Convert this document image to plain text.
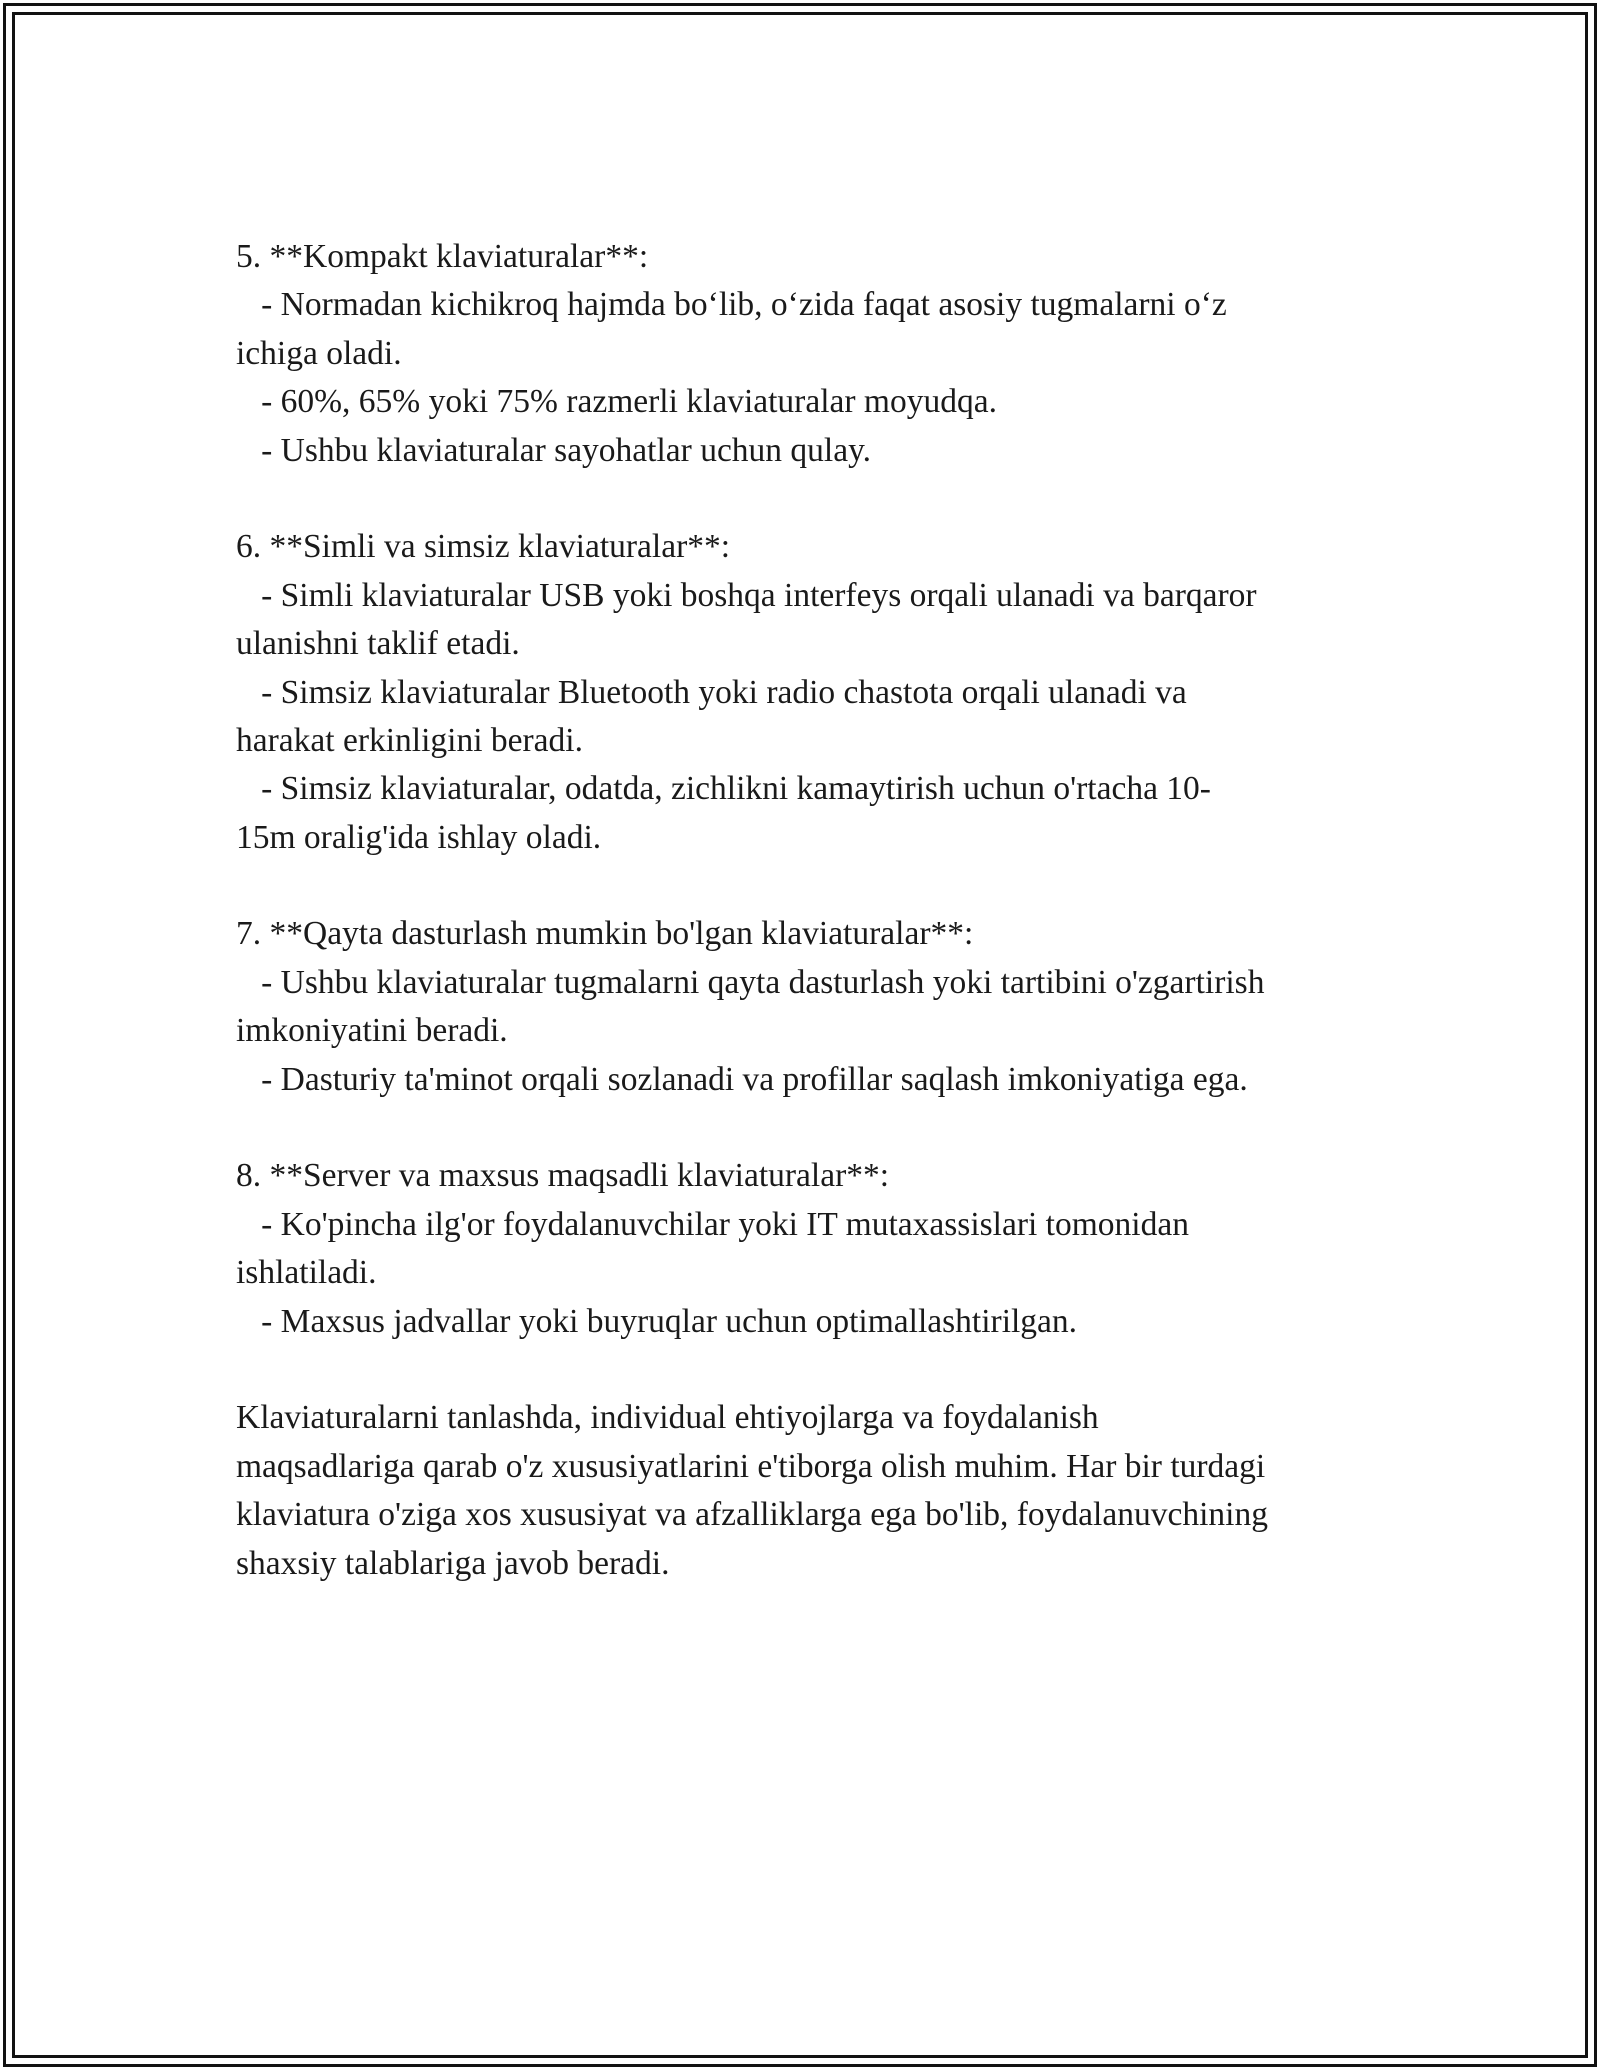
5. **Kompakt klaviaturalar**:
- Normadan kichikroq hajmda bo‘lib, o‘zida faqat asosiy tugmalarni o‘z
ichiga oladi.
- 60%, 65% yoki 75% razmerli klaviaturalar moyudqa.
- Ushbu klaviaturalar sayohatlar uchun qulay.
6. **Simli va simsiz klaviaturalar**:
- Simli klaviaturalar USB yoki boshqa interfeys orqali ulanadi va barqaror
ulanishni taklif etadi.
- Simsiz klaviaturalar Bluetooth yoki radio chastota orqali ulanadi va
harakat erkinligini beradi.
- Simsiz klaviaturalar, odatda, zichlikni kamaytirish uchun o'rtacha 10-
15m oralig'ida ishlay oladi.
7. **Qayta dasturlash mumkin bo'lgan klaviaturalar**:
- Ushbu klaviaturalar tugmalarni qayta dasturlash yoki tartibini o'zgartirish
imkoniyatini beradi.
- Dasturiy ta'minot orqali sozlanadi va profillar saqlash imkoniyatiga ega.
8. **Server va maxsus maqsadli klaviaturalar**:
- Ko'pincha ilg'or foydalanuvchilar yoki IT mutaxassislari tomonidan
ishlatiladi.
- Maxsus jadvallar yoki buyruqlar uchun optimallashtirilgan.
Klaviaturalarni tanlashda, individual ehtiyojlarga va foydalanish
maqsadlariga qarab o'z xususiyatlarini e'tiborga olish muhim. Har bir turdagi
klaviatura o'ziga xos xususiyat va afzalliklarga ega bo'lib, foydalanuvchining
shaxsiy talablariga javob beradi.
